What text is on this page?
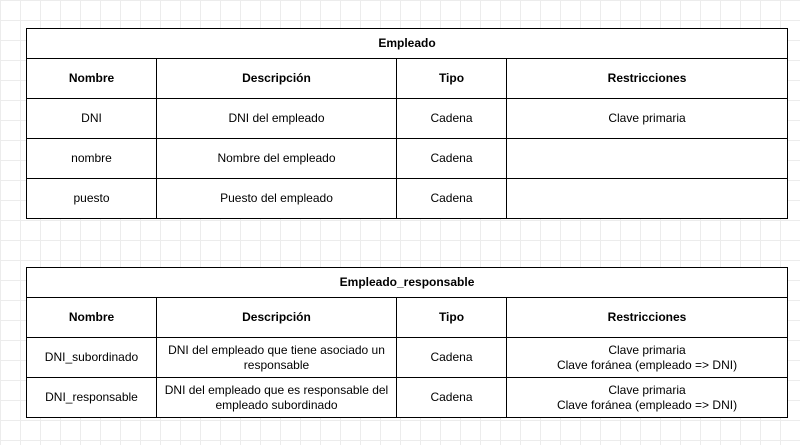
Empleado			
Nombre	Descripción	Tipo	Restricciones
DNI	DNI del empleado	Cadena	Clave primaria

nombre	Nombre del empleado	Cadena	
puesto	Puesto del empleado	Cadena	
Empleado_responsable			
Nombre	Descripción	Tipo	Restricciones
DNI_subordinado	DNI del empleado que tiene asociado un responsable	Cadena	Clave primaria
Clave foránea (empleado => DNI)

DNI_responsable	DNI del empleado que es responsable del empleado subordinado	Cadena	Clave primaria
Clave foránea (empleado => DNI)
